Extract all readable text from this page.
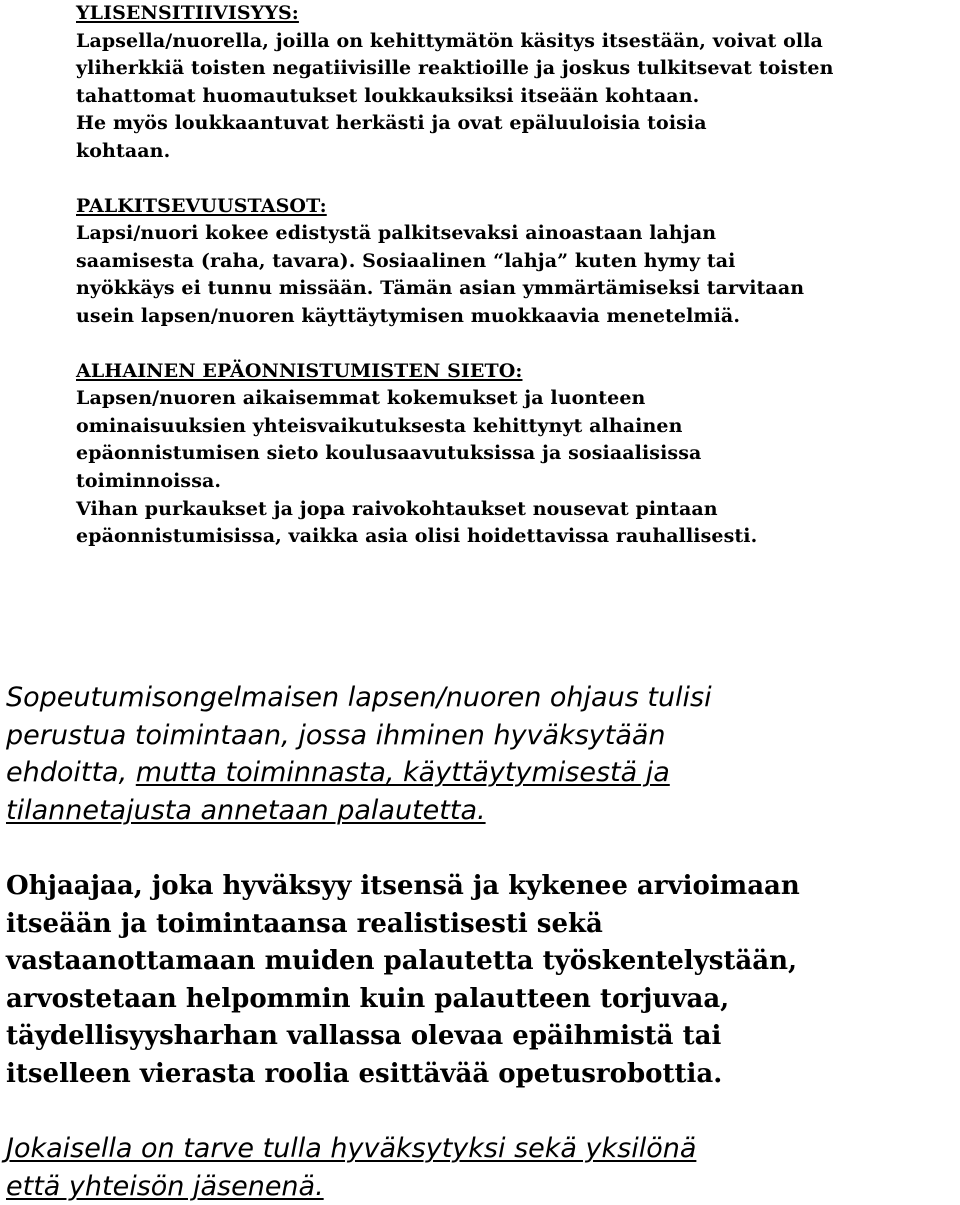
YLISENSITIIVISYYS:

Lapsella/nuorella, joilla on kehittymätön käsitys itsestään, voivat olla

yliherkkiä toisten negatiivisille reaktioille ja joskus tulkitsevat toisten

tahattomat huomautukset loukkauksiksi itseään kohtaan.

He myös loukkaantuvat herkästi ja ovat epäluuloisia toisia

kohtaan.

PALKITSEVUUSTASOT:

Lapsi/nuori kokee edistystä palkitsevaksi ainoastaan lahjan

saamisesta (raha, tavara). Sosiaalinen “lahja” kuten hymy tai

nyökkäys ei tunnu missään. Tämän asian ymmärtämiseksi tarvitaan

usein lapsen/nuoren käyttäytymisen muokkaavia menetelmiä.

ALHAINEN EPÄONNISTUMISTEN SIETO:

Lapsen/nuoren aikaisemmat kokemukset ja luonteen

ominaisuuksien yhteisvaikutuksesta kehittynyt alhainen

epäonnistumisen sieto koulusaavutuksissa ja sosiaalisissa

toiminnoissa.

Vihan purkaukset ja jopa raivokohtaukset nousevat pintaan

epäonnistumisissa, vaikka asia olisi hoidettavissa rauhallisesti.

Sopeutumisongelmaisen lapsen/nuoren ohjaus tulisi
perustua toimintaan, jossa ihminen hyväksytään
ehdoitta, mutta toiminnasta, käyttäytymisestä ja
tilannetajusta annetaan palautetta.
Ohjaajaa, joka hyväksyy itsensä ja kykenee arvioimaan
itseään ja toimintaansa realistisesti sekä
vastaanottamaan muiden palautetta työskentelystään,
arvostetaan helpommin kuin palautteen torjuvaa,
täydellisyysharhan vallassa olevaa epäihmistä tai
itselleen vierasta roolia esittävää opetusrobottia.
Jokaisella on tarve tulla hyväksytyksi sekä yksilönä
että yhteisön jäsenenä.
